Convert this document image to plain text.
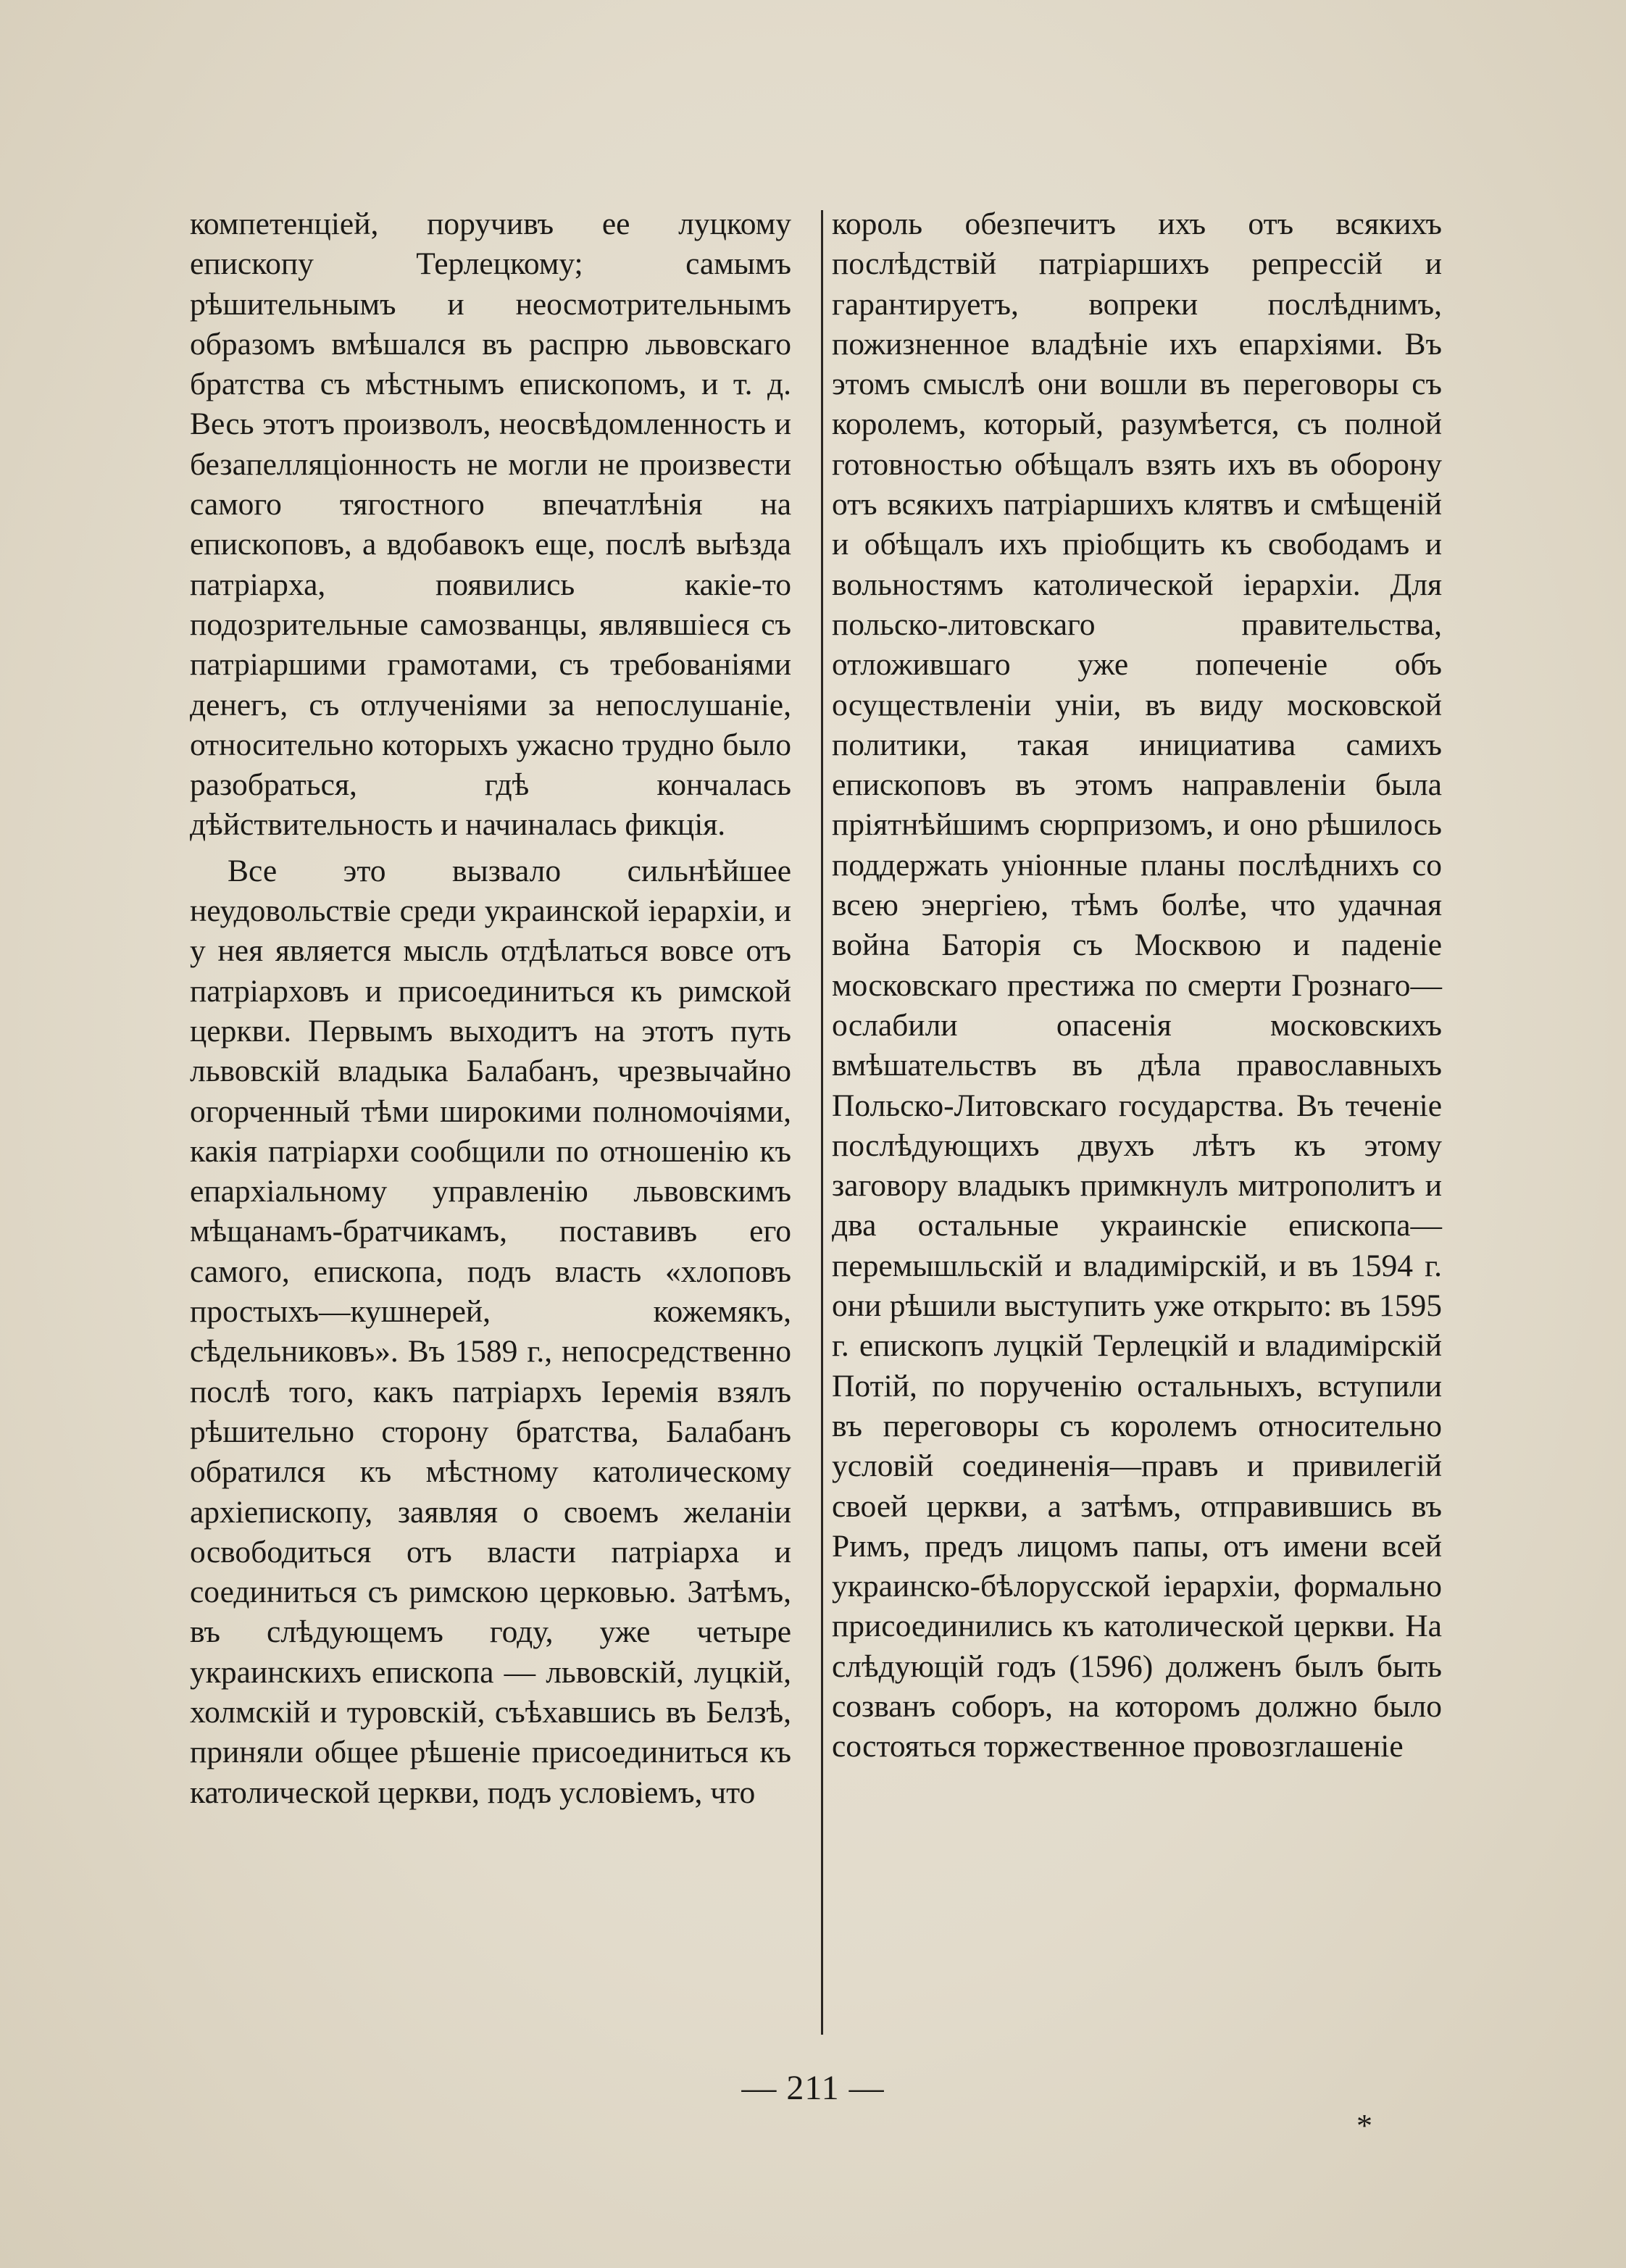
компетенціей, поручивъ ее луцкому епископу Терлецкому; самымъ рѣшительнымъ и неосмотрительнымъ образомъ вмѣшался въ распрю львовскаго братства съ мѣстнымъ епископомъ, и т. д. Весь этотъ произволъ, неосвѣдомленность и безапелляціонность не могли не произвести самого тягостного впечатлѣнія на епископовъ, а вдобавокъ еще, послѣ выѣзда патріарха, появились какіе-то подозрительные самозванцы, являвшіеся съ патріаршими грамотами, съ требованіями денегъ, съ отлученіями за непослушаніе, относительно которыхъ ужасно трудно было разобраться, гдѣ кончалась дѣйствительность и начиналась фикція.

Все это вызвало сильнѣйшее неудовольствіе среди украинской іерархіи, и у нея является мысль отдѣлаться вовсе отъ патріарховъ и присоединиться къ римской церкви. Первымъ выходитъ на этотъ путь львовскій владыка Балабанъ, чрезвычайно огорченный тѣми широкими полномочіями, какія патріархи сообщили по отношенію къ епархіальному управленію львовскимъ мѣщанамъ-братчикамъ, поставивъ его самого, епископа, подъ власть «хлоповъ простыхъ—кушнерей, кожемякъ, сѣдельниковъ». Въ 1589 г., непосредственно послѣ того, какъ патріархъ Іеремія взялъ рѣшительно сторону братства, Балабанъ обратился къ мѣстному католическому архіепископу, заявляя о своемъ желаніи освободиться отъ власти патріарха и соединиться съ римскою церковью. Затѣмъ, въ слѣдующемъ году, уже четыре украинскихъ епископа — львовскій, луцкій, холмскій и туровскій, съѣхавшись въ Белзѣ, приняли общее рѣшеніе присоединиться къ католической церкви, подъ условіемъ, что

король обезпечитъ ихъ отъ всякихъ послѣдствій патріаршихъ репрессій и гарантируетъ, вопреки послѣднимъ, пожизненное владѣніе ихъ епархіями. Въ этомъ смыслѣ они вошли въ переговоры съ королемъ, который, разумѣется, съ полной готовностью обѣщалъ взять ихъ въ оборону отъ всякихъ патріаршихъ клятвъ и смѣщеній и обѣщалъ ихъ пріобщить къ свободамъ и вольностямъ католической іерархіи. Для польско-литовскаго правительства, отложившаго уже попеченіе объ осуществленіи уніи, въ виду московской политики, такая инициатива самихъ епископовъ въ этомъ направленіи была пріятнѣйшимъ сюрпризомъ, и оно рѣшилось поддержать уніонные планы послѣднихъ со всею энергіею, тѣмъ болѣе, что удачная война Баторія съ Москвою и паденіе московскаго престижа по смерти Грознаго—ослабили опасенія московскихъ вмѣшательствъ въ дѣла православныхъ Польско-Литовскаго государства. Въ теченіе послѣдующихъ двухъ лѣтъ къ этому заговору владыкъ примкнулъ митрополитъ и два остальные украинскіе епископа—перемышльскій и владимірскій, и въ 1594 г. они рѣшили выступить уже открыто: въ 1595 г. епископъ луцкій Терлецкій и владимірскій Потій, по порученію остальныхъ, вступили въ переговоры съ королемъ относительно условій соединенія—правъ и привилегій своей церкви, а затѣмъ, отправившись въ Римъ, предъ лицомъ папы, отъ имени всей украинско-бѣлорусской іерархіи, формально присоединились къ католической церкви. На слѣдующій годъ (1596) долженъ былъ быть созванъ соборъ, на которомъ должно было состояться торжественное провозглашеніе

— 211 —
*
